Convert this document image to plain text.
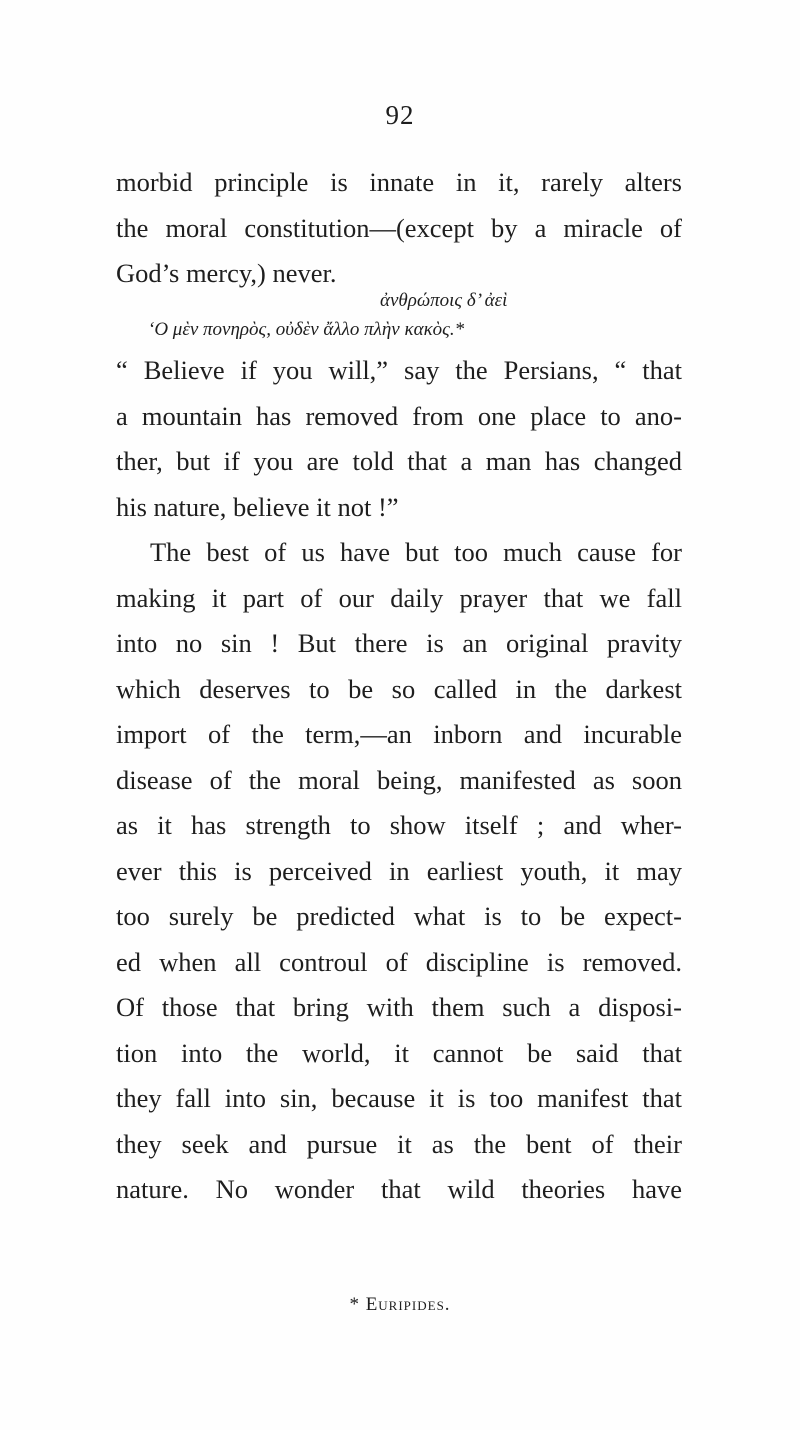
92
morbid principle is innate in it, rarely alters
the moral constitution—(except by a miracle of
God’s mercy,) never.
ἀνθρώποις δ’ ἀεὶ
‘Ο μὲν πονηρὸς, οὐδὲν ἄλλο πλὴν κακὸς.*
“ Believe if you will,” say the Persians, “ that
a mountain has removed from one place to ano-
ther, but if you are told that a man has changed
his nature, believe it not !”
The best of us have but too much cause for
making it part of our daily prayer that we fall
into no sin ! But there is an original pravity
which deserves to be so called in the darkest
import of the term,—an inborn and incurable
disease of the moral being, manifested as soon
as it has strength to show itself ; and wher-
ever this is perceived in earliest youth, it may
too surely be predicted what is to be expect-
ed when all controul of discipline is removed.
Of those that bring with them such a disposi-
tion into the world, it cannot be said that
they fall into sin, because it is too manifest that
they seek and pursue it as the bent of their
nature. No wonder that wild theories have
* Euripides.
